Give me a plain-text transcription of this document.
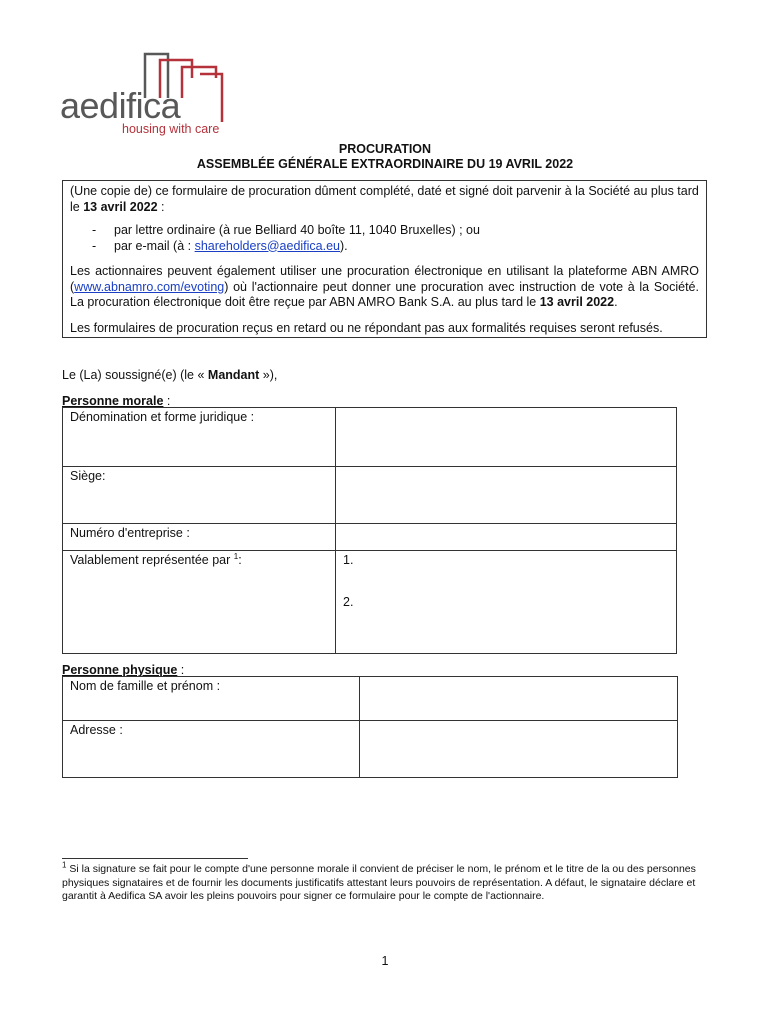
aedifica
housing with care
PROCURATION
ASSEMBLÉE GÉNÉRALE EXTRAORDINAIRE DU 19 AVRIL 2022

(Une copie de) ce formulaire de procuration dûment complété, daté et signé doit parvenir à la Société au plus tard le 13 avril 2022 :

- par lettre ordinaire (à rue Belliard 40 boîte 11, 1040 Bruxelles) ; ou
- par e-mail (à : shareholders@aedifica.eu).

Les actionnaires peuvent également utiliser une procuration électronique en utilisant la plateforme ABN AMRO (www.abnamro.com/evoting) où l'actionnaire peut donner une procuration avec instruction de vote à la Société. La procuration électronique doit être reçue par ABN AMRO Bank S.A. au plus tard le 13 avril 2022.

Les formulaires de procuration reçus en retard ou ne répondant pas aux formalités requises seront refusés.

Le (La) soussigné(e) (le « Mandant »),
Personne morale :
Dénomination et forme juridique :	
Siège:	
Numéro d'entreprise :	
Valablement représentée par $^1$:	1.
2.
Personne physique :
Nom de famille et prénom :	
Adresse :	
$^1$ Si la signature se fait pour le compte d'une personne morale il convient de préciser le nom, le prénom et le titre de la ou des personnes physiques signataires et de fournir les documents justificatifs attestant leurs pouvoirs de représentation. A défaut, le signataire déclare et garantit à Aedifica SA avoir les pleins pouvoirs pour signer ce formulaire pour le compte de l'actionnaire.
1
